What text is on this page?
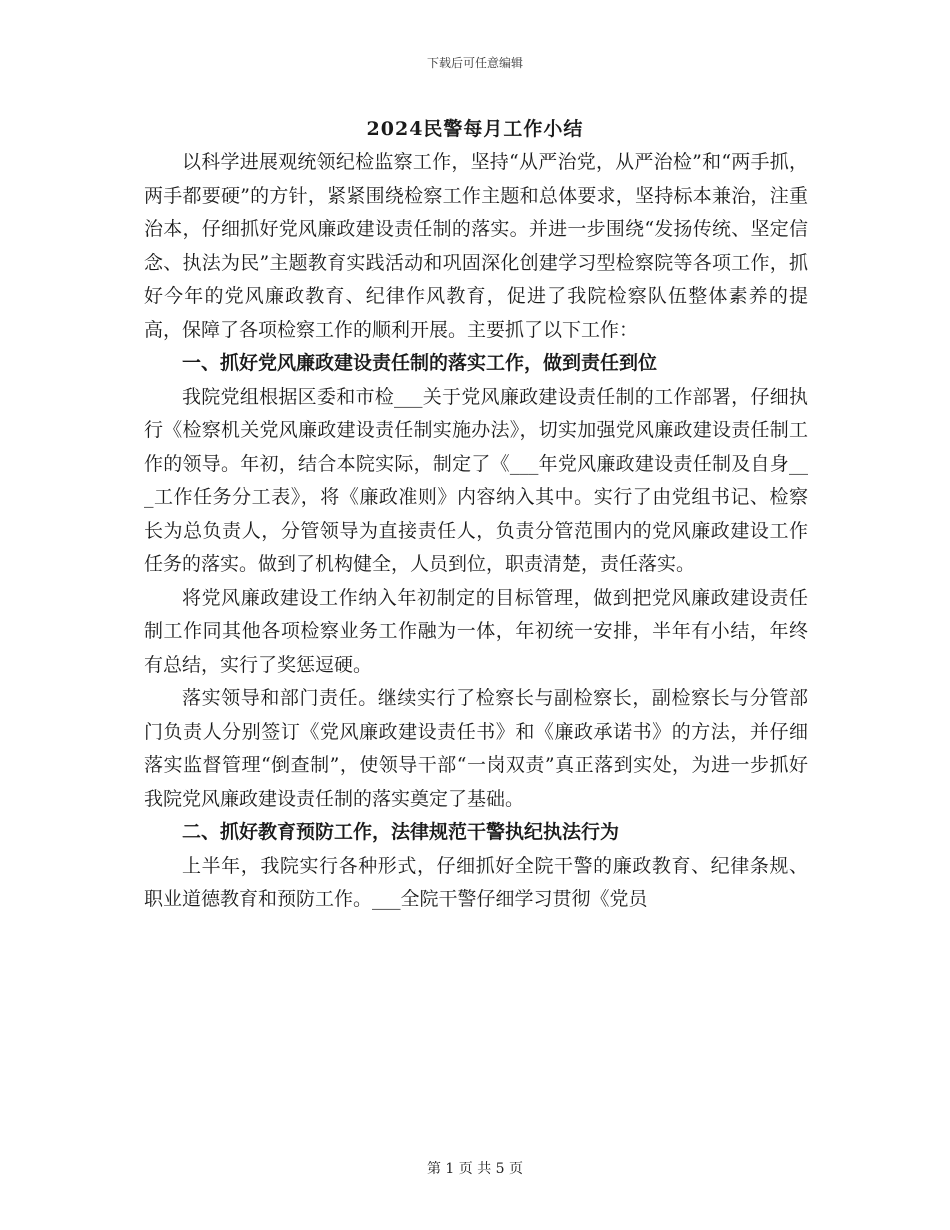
下载后可任意编辑
2024民警每月工作小结

以科学进展观统领纪检监察工作，坚持“从严治党，从严治检”和“两手抓，两手都要硬”的方针，紧紧围绕检察工作主题和总体要求，坚持标本兼治，注重治本，仔细抓好党风廉政建设责任制的落实。并进一步围绕“发扬传统、坚定信念、执法为民”主题教育实践活动和巩固深化创建学习型检察院等各项工作，抓好今年的党风廉政教育、纪律作风教育，促进了我院检察队伍整体素养的提高，保障了各项检察工作的顺利开展。主要抓了以下工作：

一、抓好党风廉政建设责任制的落实工作，做到责任到位

我院党组根据区委和市检___关于党风廉政建设责任制的工作部署，仔细执行《检察机关党风廉政建设责任制实施办法》，切实加强党风廉政建设责任制工作的领导。年初，结合本院实际，制定了《___年党风廉政建设责任制及自身___工作任务分工表》，将《廉政准则》内容纳入其中。实行了由党组书记、检察长为总负责人，分管领导为直接责任人，负责分管范围内的党风廉政建设工作任务的落实。做到了机构健全，人员到位，职责清楚，责任落实。

将党风廉政建设工作纳入年初制定的目标管理，做到把党风廉政建设责任制工作同其他各项检察业务工作融为一体，年初统一安排，半年有小结，年终有总结，实行了奖惩逗硬。

落实领导和部门责任。继续实行了检察长与副检察长，副检察长与分管部门负责人分别签订《党风廉政建设责任书》和《廉政承诺书》的方法，并仔细落实监督管理“倒查制”，使领导干部“一岗双责”真正落到实处，为进一步抓好我院党风廉政建设责任制的落实奠定了基础。

二、抓好教育预防工作，法律规范干警执纪执法行为

上半年，我院实行各种形式，仔细抓好全院干警的廉政教育、纪律条规、职业道德教育和预防工作。___全院干警仔细学习贯彻《党员

第 1 页 共 5 页
